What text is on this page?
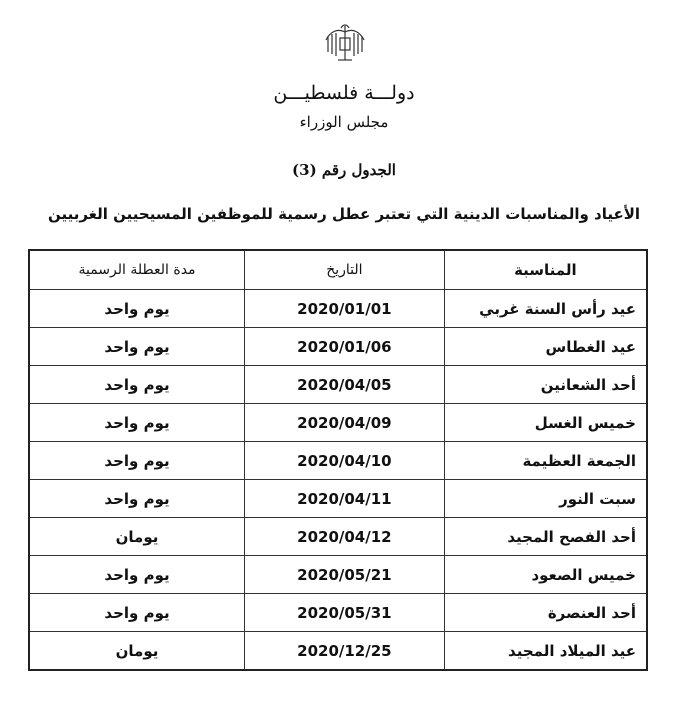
دولـــة فلسطيـــن
مجلس الوزراء
الجدول رقم (3)
الأعياد والمناسبات الدينية التي تعتبر عطل رسمية للموظفين المسيحيين الغربيين
المناسبة	التاريخ	مدة العطلة الرسمية
عيد رأس السنة غربي	2020/01/01	يوم واحد
عيد الغطاس	2020/01/06	يوم واحد
أحد الشعانين	2020/04/05	يوم واحد
خميس الغسل	2020/04/09	يوم واحد
الجمعة العظيمة	2020/04/10	يوم واحد
سبت النور	2020/04/11	يوم واحد
أحد الفصح المجيد	2020/04/12	يومان
خميس الصعود	2020/05/21	يوم واحد
أحد العنصرة	2020/05/31	يوم واحد
عيد الميلاد المجيد	2020/12/25	يومان
